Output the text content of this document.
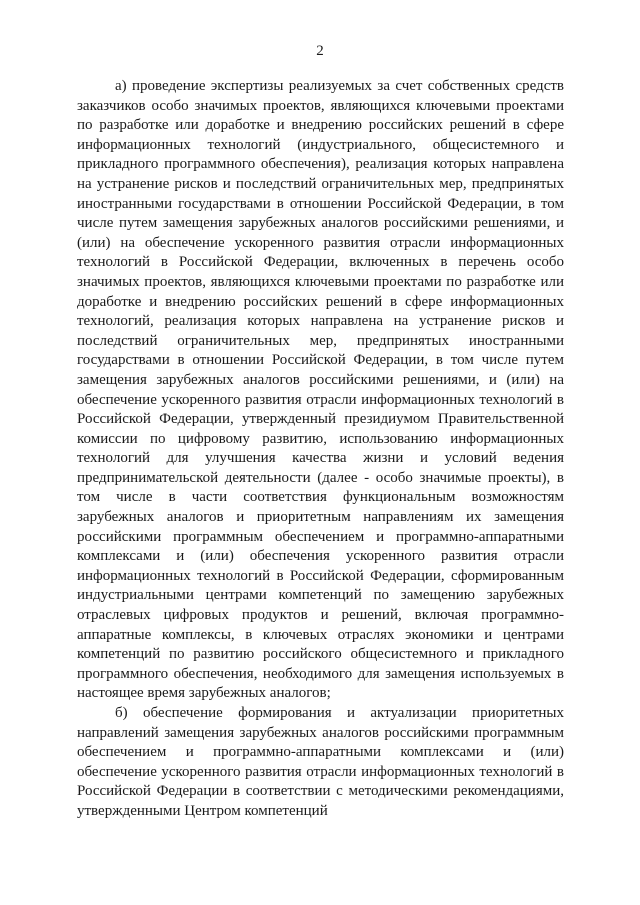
2

а) проведение экспертизы реализуемых за счет собственных средств заказчиков особо значимых проектов, являющихся ключевыми проектами по разработке или доработке и внедрению российских решений в сфере информационных технологий (индустриального, общесистемного и прикладного программного обеспечения), реализация которых направлена на устранение рисков и последствий ограничительных мер, предпринятых иностранными государствами в отношении Российской Федерации, в том числе путем замещения зарубежных аналогов российскими решениями, и (или) на обеспечение ускоренного развития отрасли информационных технологий в Российской Федерации, включенных в перечень особо значимых проектов, являющихся ключевыми проектами по разработке или доработке и внедрению российских решений в сфере информационных технологий, реализация которых направлена на устранение рисков и последствий ограничительных мер, предпринятых иностранными государствами в отношении Российской Федерации, в том числе путем замещения зарубежных аналогов российскими решениями, и (или) на обеспечение ускоренного развития отрасли информационных технологий в Российской Федерации, утвержденный президиумом Правительственной комиссии по цифровому развитию, использованию информационных технологий для улучшения качества жизни и условий ведения предпринимательской деятельности (далее - особо значимые проекты), в том числе в части соответствия функциональным возможностям зарубежных аналогов и приоритетным направлениям их замещения российскими программным обеспечением и программно-аппаратными комплексами и (или) обеспечения ускоренного развития отрасли информационных технологий в Российской Федерации, сформированным индустриальными центрами компетенций по замещению зарубежных отраслевых цифровых продуктов и решений, включая программно-аппаратные комплексы, в ключевых отраслях экономики и центрами компетенций по развитию российского общесистемного и прикладного программного обеспечения, необходимого для замещения используемых в настоящее время зарубежных аналогов;

б) обеспечение формирования и актуализации приоритетных направлений замещения зарубежных аналогов российскими программным обеспечением и программно-аппаратными комплексами и (или) обеспечение ускоренного развития отрасли информационных технологий в Российской Федерации в соответствии с методическими рекомендациями, утвержденными Центром компетенций
